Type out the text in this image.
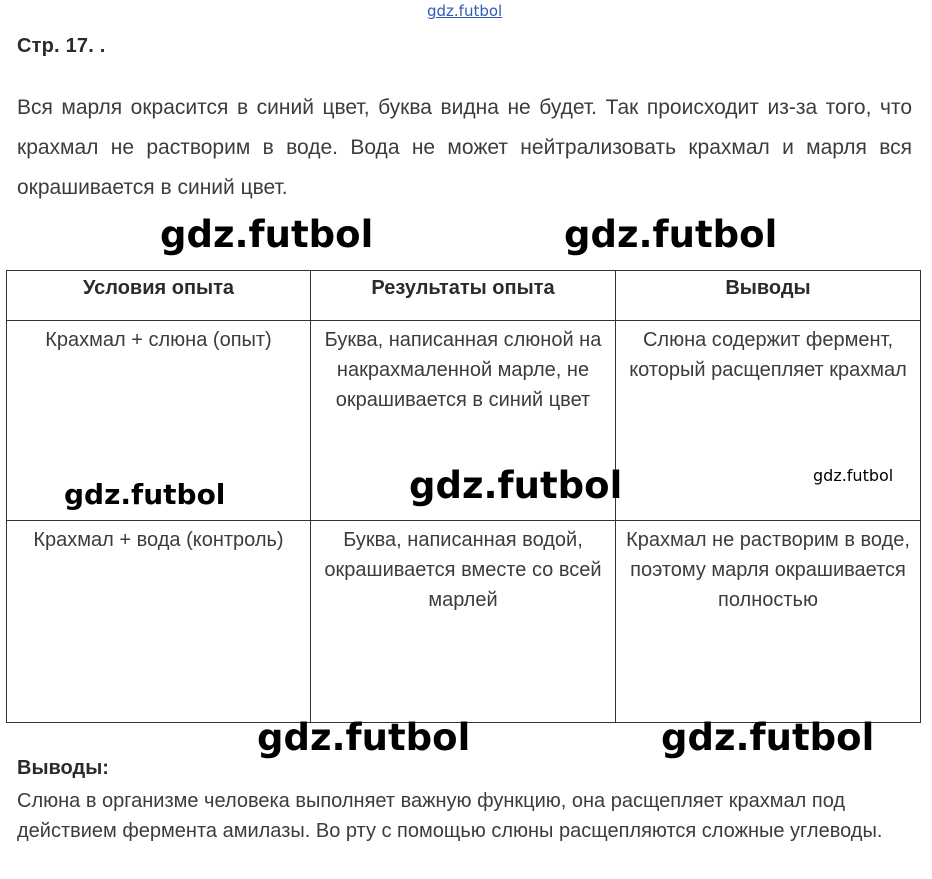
gdz.futbol
Стр. 17. .

Вся марля окрасится в синий цвет, буква видна не будет. Так происходит из-за того, что крахмал не растворим в воде. Вода не может нейтрализовать крахмал и марля вся окрашивается в синий цвет.

gdz.futbol	gdz.futbol
Условия опыта	Результаты опыта	Выводы
Крахмал + слюна (опыт)	Буква, написанная слюной на накрахмаленной марле, не окрашивается в синий цвет	Слюна содержит фермент, который расщепляет крахмал
Крахмал + вода (контроль)	Буква, написанная водой, окрашивается вместе со всей марлей	Крахмал не растворим в воде, поэтому марля окрашивается полностью
gdz.futbol	gdz.futbol	gdz.futbol
gdz.futbol	gdz.futbol
Выводы:

Слюна в организме человека выполняет важную функцию, она расщепляет крахмал под действием фермента амилазы. Во рту с помощью слюны расщепляются сложные углеводы.
